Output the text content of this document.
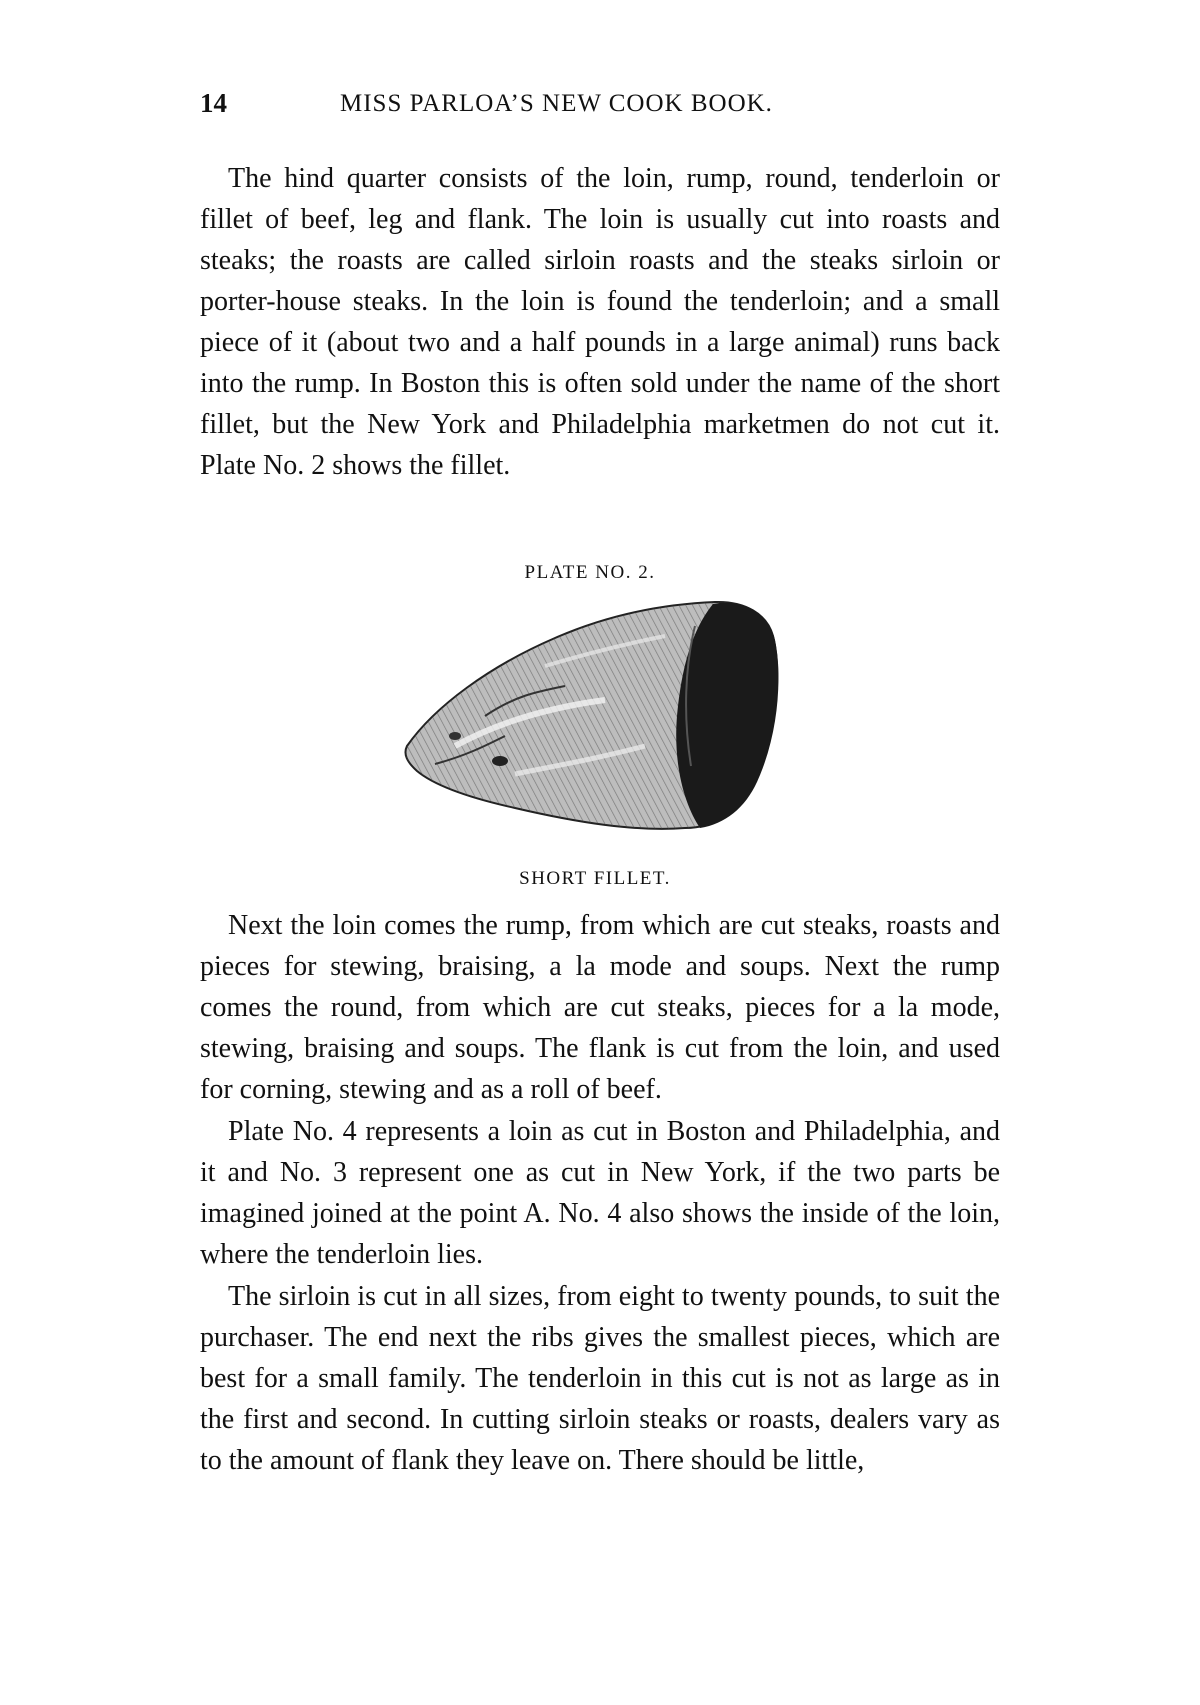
14	MISS PARLOA’S NEW COOK BOOK.

The hind quarter consists of the loin, rump, round, tenderloin or fillet of beef, leg and flank. The loin is usually cut into roasts and steaks; the roasts are called sirloin roasts and the steaks sirloin or porter-house steaks. In the loin is found the tenderloin; and a small piece of it (about two and a half pounds in a large animal) runs back into the rump. In Boston this is often sold under the name of the short fillet, but the New York and Philadelphia marketmen do not cut it. Plate No. 2 shows the fillet.

PLATE NO. 2.
SHORT FILLET.

Next the loin comes the rump, from which are cut steaks, roasts and pieces for stewing, braising, a la mode and soups. Next the rump comes the round, from which are cut steaks, pieces for a la mode, stewing, braising and soups. The flank is cut from the loin, and used for corning, stewing and as a roll of beef.

Plate No. 4 represents a loin as cut in Boston and Philadelphia, and it and No. 3 represent one as cut in New York, if the two parts be imagined joined at the point A. No. 4 also shows the inside of the loin, where the tenderloin lies.

The sirloin is cut in all sizes, from eight to twenty pounds, to suit the purchaser. The end next the ribs gives the smallest pieces, which are best for a small family. The tenderloin in this cut is not as large as in the first and second. In cutting sirloin steaks or roasts, dealers vary as to the amount of flank they leave on. There should be little,
